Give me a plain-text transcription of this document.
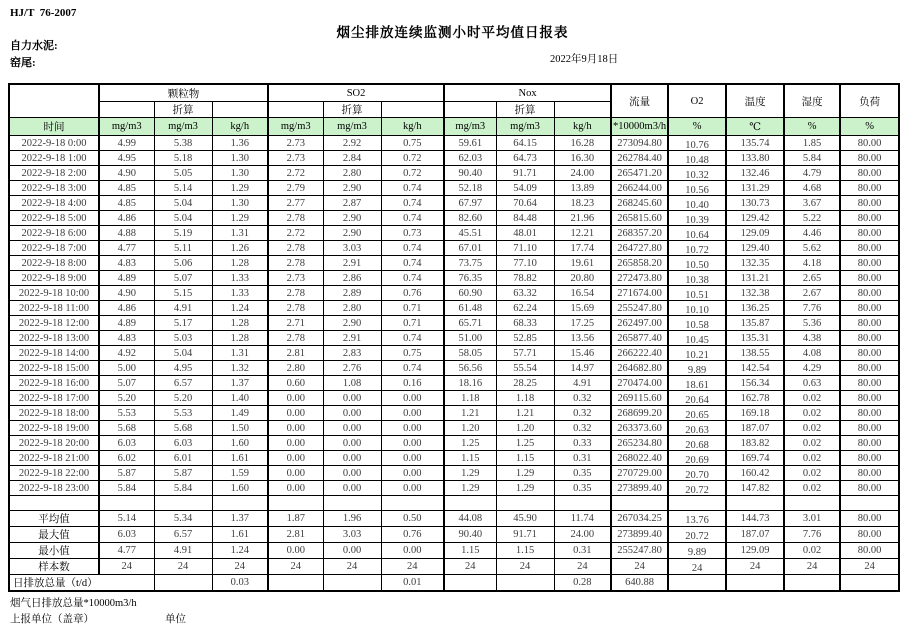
HJ/T  76-2007
烟尘排放连续监测小时平均值日报表
自力水泥:
窑尾:	2022年9月18日
	颗粒物			SO2			Nox			流量	O2	温度	湿度	负荷
		折算			折算			折算						
时间	mg/m3	mg/m3	kg/h	mg/m3	mg/m3	kg/h	mg/m3	mg/m3	kg/h	*10000m3/h	%	℃	%	%
2022-9-18 0:00	4.99	5.38	1.36	2.73	2.92	0.75	59.61	64.15	16.28	273094.80	10.76	135.74	1.85	80.00
2022-9-18 1:00	4.95	5.18	1.30	2.73	2.84	0.72	62.03	64.73	16.30	262784.40	10.48	133.80	5.84	80.00
2022-9-18 2:00	4.90	5.05	1.30	2.72	2.80	0.72	90.40	91.71	24.00	265471.20	10.32	132.46	4.79	80.00
2022-9-18 3:00	4.85	5.14	1.29	2.79	2.90	0.74	52.18	54.09	13.89	266244.00	10.56	131.29	4.68	80.00
2022-9-18 4:00	4.85	5.04	1.30	2.77	2.87	0.74	67.97	70.64	18.23	268245.60	10.40	130.73	3.67	80.00
2022-9-18 5:00	4.86	5.04	1.29	2.78	2.90	0.74	82.60	84.48	21.96	265815.60	10.39	129.42	5.22	80.00
2022-9-18 6:00	4.88	5.19	1.31	2.72	2.90	0.73	45.51	48.01	12.21	268357.20	10.64	129.09	4.46	80.00
2022-9-18 7:00	4.77	5.11	1.26	2.78	3.03	0.74	67.01	71.10	17.74	264727.80	10.72	129.40	5.62	80.00
2022-9-18 8:00	4.83	5.06	1.28	2.78	2.91	0.74	73.75	77.10	19.61	265858.20	10.50	132.35	4.18	80.00
2022-9-18 9:00	4.89	5.07	1.33	2.73	2.86	0.74	76.35	78.82	20.80	272473.80	10.38	131.21	2.65	80.00
2022-9-18 10:00	4.90	5.15	1.33	2.78	2.89	0.76	60.90	63.32	16.54	271674.00	10.51	132.38	2.67	80.00
2022-9-18 11:00	4.86	4.91	1.24	2.78	2.80	0.71	61.48	62.24	15.69	255247.80	10.10	136.25	7.76	80.00
2022-9-18 12:00	4.89	5.17	1.28	2.71	2.90	0.71	65.71	68.33	17.25	262497.00	10.58	135.87	5.36	80.00
2022-9-18 13:00	4.83	5.03	1.28	2.78	2.91	0.74	51.00	52.85	13.56	265877.40	10.45	135.31	4.38	80.00
2022-9-18 14:00	4.92	5.04	1.31	2.81	2.83	0.75	58.05	57.71	15.46	266222.40	10.21	138.55	4.08	80.00
2022-9-18 15:00	5.00	4.95	1.32	2.80	2.76	0.74	56.56	55.54	14.97	264682.80	9.89	142.54	4.29	80.00
2022-9-18 16:00	5.07	6.57	1.37	0.60	1.08	0.16	18.16	28.25	4.91	270474.00	18.61	156.34	0.63	80.00
2022-9-18 17:00	5.20	5.20	1.40	0.00	0.00	0.00	1.18	1.18	0.32	269115.60	20.64	162.78	0.02	80.00
2022-9-18 18:00	5.53	5.53	1.49	0.00	0.00	0.00	1.21	1.21	0.32	268699.20	20.65	169.18	0.02	80.00
2022-9-18 19:00	5.68	5.68	1.50	0.00	0.00	0.00	1.20	1.20	0.32	263373.60	20.63	187.07	0.02	80.00
2022-9-18 20:00	6.03	6.03	1.60	0.00	0.00	0.00	1.25	1.25	0.33	265234.80	20.68	183.82	0.02	80.00
2022-9-18 21:00	6.02	6.01	1.61	0.00	0.00	0.00	1.15	1.15	0.31	268022.40	20.69	169.74	0.02	80.00
2022-9-18 22:00	5.87	5.87	1.59	0.00	0.00	0.00	1.29	1.29	0.35	270729.00	20.70	160.42	0.02	80.00
2022-9-18 23:00	5.84	5.84	1.60	0.00	0.00	0.00	1.29	1.29	0.35	273899.40	20.72	147.82	0.02	80.00

平均值	5.14	5.34	1.37	1.87	1.96	0.50	44.08	45.90	11.74	267034.25	13.76	144.73	3.01	80.00
最大值	6.03	6.57	1.61	2.81	3.03	0.76	90.40	91.71	24.00	273899.40	20.72	187.07	7.76	80.00
最小值	4.77	4.91	1.24	0.00	0.00	0.00	1.15	1.15	0.31	255247.80	9.89	129.09	0.02	80.00
样本数	24	24	24	24	24	24	24	24	24	24	24	24	24	24
日排放总量（t/d）			0.03			0.01			0.28	640.88				
烟气日排放总量*10000m3/h
上报单位（盖章）	单位
